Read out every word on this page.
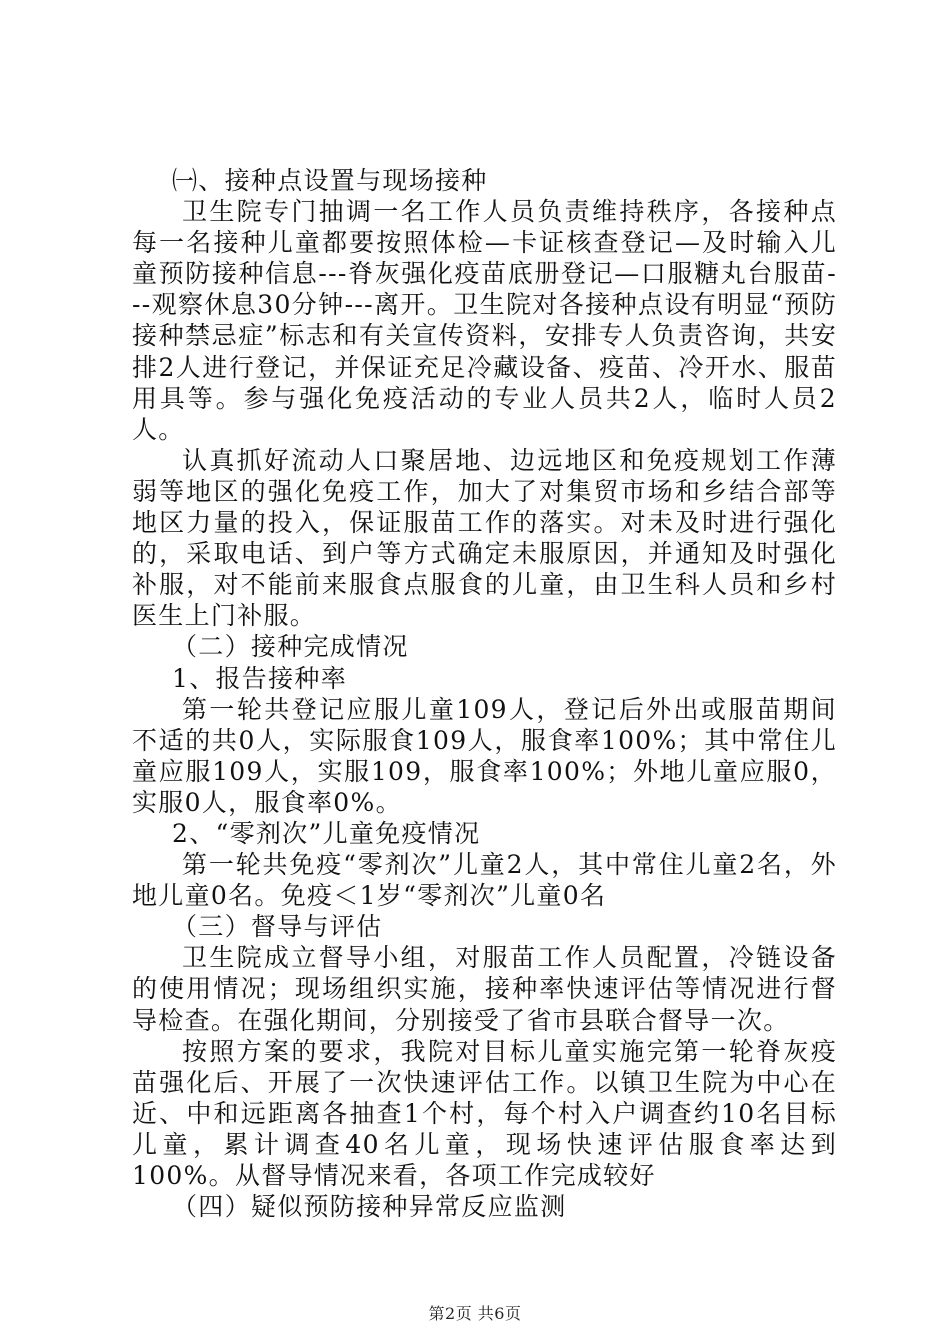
㈠、接种点设置与现场接种

卫生院专门抽调一名工作人员负责维持秩序，各接种点每一名接种儿童都要按照体检—卡证核查登记—及时输入儿童预防接种信息---脊灰强化疫苗底册登记—口服糖丸台服苗---观察休息30分钟---离开。卫生院对各接种点设有明显“预防接种禁忌症”标志和有关宣传资料，安排专人负责咨询，共安排2人进行登记，并保证充足冷藏设备、疫苗、冷开水、服苗用具等。参与强化免疫活动的专业人员共2人，临时人员2人。

认真抓好流动人口聚居地、边远地区和免疫规划工作薄弱等地区的强化免疫工作，加大了对集贸市场和乡结合部等地区力量的投入，保证服苗工作的落实。对未及时进行强化的，采取电话、到户等方式确定未服原因，并通知及时强化补服，对不能前来服食点服食的儿童，由卫生科人员和乡村医生上门补服。

（二）接种完成情况

1、报告接种率

第一轮共登记应服儿童109人，登记后外出或服苗期间不适的共0人，实际服食109人，服食率100%；其中常住儿童应服109人，实服109，服食率100%；外地儿童应服0，实服0人，服食率0%。

2、“零剂次”儿童免疫情况

第一轮共免疫“零剂次”儿童2人，其中常住儿童2名，外地儿童0名。免疫＜1岁“零剂次”儿童0名

（三）督导与评估

卫生院成立督导小组，对服苗工作人员配置，冷链设备的使用情况；现场组织实施，接种率快速评估等情况进行督导检查。在强化期间，分别接受了省市县联合督导一次。

按照方案的要求，我院对目标儿童实施完第一轮脊灰疫苗强化后、开展了一次快速评估工作。以镇卫生院为中心在近、中和远距离各抽查1个村，每个村入户调查约10名目标儿童，累计调查40名儿童，现场快速评估服食率达到100%。从督导情况来看，各项工作完成较好

（四）疑似预防接种异常反应监测

第2页 共6页
